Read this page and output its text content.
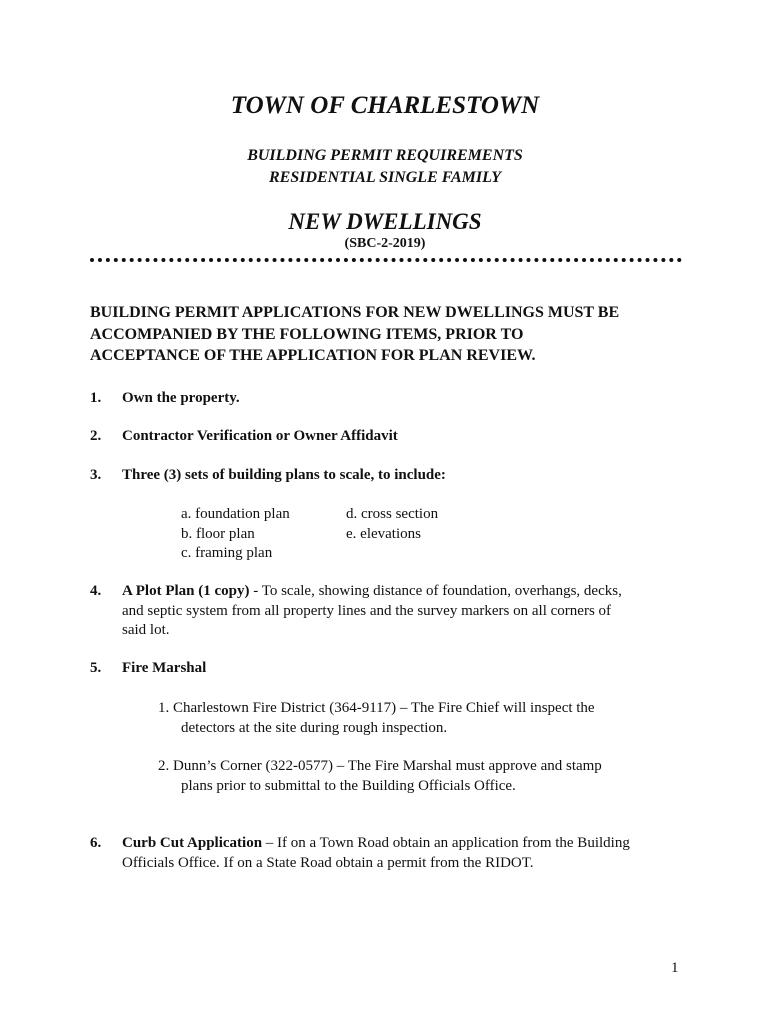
TOWN OF CHARLESTOWN
BUILDING PERMIT REQUIREMENTS
RESIDENTIAL SINGLE FAMILY
NEW DWELLINGS
(SBC-2-2019)
BUILDING PERMIT APPLICATIONS FOR NEW DWELLINGS MUST BE
ACCOMPANIED BY THE FOLLOWING ITEMS, PRIOR TO
ACCEPTANCE OF THE APPLICATION FOR PLAN REVIEW.
1. Own the property.
2. Contractor Verification or Owner Affidavit
3. Three (3) sets of building plans to scale, to include:
a. foundation plan
b. floor plan
c. framing plan
d. cross section
e. elevations
4. A Plot Plan (1 copy) - To scale, showing distance of foundation, overhangs, decks,
and septic system from all property lines and the survey markers on all corners of
said lot.
5. Fire Marshal
1. Charlestown Fire District (364-9117) – The Fire Chief will inspect the
detectors at the site during rough inspection.
2. Dunn’s Corner (322-0577) – The Fire Marshal must approve and stamp
plans prior to submittal to the Building Officials Office.
6. Curb Cut Application – If on a Town Road obtain an application from the Building
Officials Office. If on a State Road obtain a permit from the RIDOT.
1
